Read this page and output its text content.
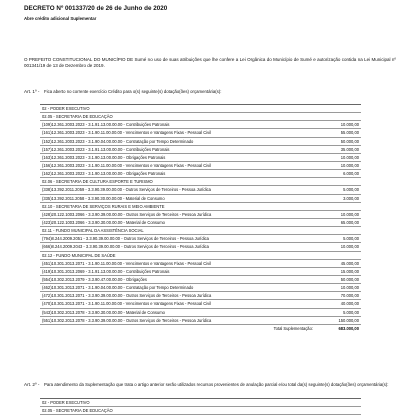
DECRETO Nº 001337/20 de 26 de Junho de 2020
Abre crédito adicional Suplementar
O PREFEITO CONSTITUCIONAL DO MUNICÍPIO DE Sumé no uso de suas atribuições que lhe confere a Lei Orgânica do Município de Sumé e autorização contida na Lei Municipal nº 001341/19 de 13 de Dezembro de 2019.
Art. 1º - Fica aberto no corrente exercício Crédito para o(s) seguinte(s) dotação(ões) orçamentária(s):
02 - PODER EXECUTIVO
02.05 - SECRETARIA DE EDUCAÇÃO
(109)12.361.2003.2023 - 3.1.91.13.00.00.00 - Contribuições Patronais	10.000,00
(161)12.361.2003.2023 - 3.1.90.11.00.00.00 - Vencimentos e Vantagens Fixas - Pessoal Civil	55.000,00
(152)12.361.2003.2023 - 3.1.90.04.00.00.00 - Contratação por Tempo Determinado	50.000,00
(157)12.361.2003.2023 - 3.1.91.13.00.00.00 - Contribuições Patronais	35.000,00
(163)12.361.2003.2023 - 3.1.90.13.00.00.00 - Obrigações Patronais	10.000,00
(156)12.361.2003.2023 - 3.1.90.11.00.00.00 - Vencimentos e Vantagens Fixas - Pessoal Civil	10.000,00
(162)12.361.2003.2023 - 3.1.90.13.00.00.00 - Obrigações Patronais	6.000,00
02.06 - SECRETARIA DE CULTURA ESPORTE E TURISMO
(338)13.392.2011.2059 - 3.3.90.39.00.00.00 - Outros Serviços de Terceiros - Pessoa Jurídica	5.000,00
(335)13.392.2011.2058 - 3.3.90.30.00.00.00 - Material de Consumo	3.000,00
02.10 - SECRETARIA DE SERVIÇOS RURAIS E MEIO AMBIENTE
(428)20.122.1003.2066 - 3.3.90.39.00.00.00 - Outros Serviços de Terceiros - Pessoa Jurídica	10.000,00
(423)20.122.1003.2066 - 3.3.90.30.00.00.00 - Material de Consumo	65.000,00
02.11 - FUNDO MUNICIPAL DA ASSISTÊNCIA SOCIAL
(794)8.244.2009.2051 - 3.3.90.39.00.00.00 - Outros Serviços de Terceiros - Pessoa Jurídica	5.000,00
(666)8.244.2009.2043 - 3.3.90.39.00.00.00 - Outros Serviços de Terceiros - Pessoa Jurídica	10.000,00
02.12 - FUNDO MUNICIPAL DE SAÚDE
(451)10.301.2013.2071 - 3.1.90.11.00.00.00 - Vencimentos e Vantagens Fixas - Pessoal Civil	45.000,00
(419)10.301.2013.2069 - 3.1.91.13.00.00.00 - Contribuições Patronais	15.000,00
(554)10.302.2013.2079 - 3.3.90.47.00.00.00 - Obrigações	50.000,00
(462)10.301.2013.2071 - 3.1.90.04.00.00.00 - Contratação por Tempo Determinado	10.000,00
(472)10.301.2013.2071 - 3.3.90.39.00.00.00 - Outros Serviços de Terceiros - Pessoa Jurídica	70.000,00
(470)10.301.2013.2071 - 3.1.90.11.00.00.00 - Vencimentos e Vantagens Fixas - Pessoal Civil	40.000,00
(543)10.302.2013.2078 - 3.3.90.30.00.00.00 - Material de Consumo	5.000,00
(551)10.302.2013.2078 - 3.3.90.39.00.00.00 - Outros Serviços de Terceiros - Pessoa Jurídica	150.000,00
Total Suplementação:	683.000,00
Art. 2º - Para atendimento da Suplementação que trata o artigo anterior serão utilizados recursos provenientes de anulação parcial e/ou total da(s) seguinte(s) dotação(ões) orçamentária(s):
02 - PODER EXECUTIVO
02.05 - SECRETARIA DE EDUCAÇÃO
